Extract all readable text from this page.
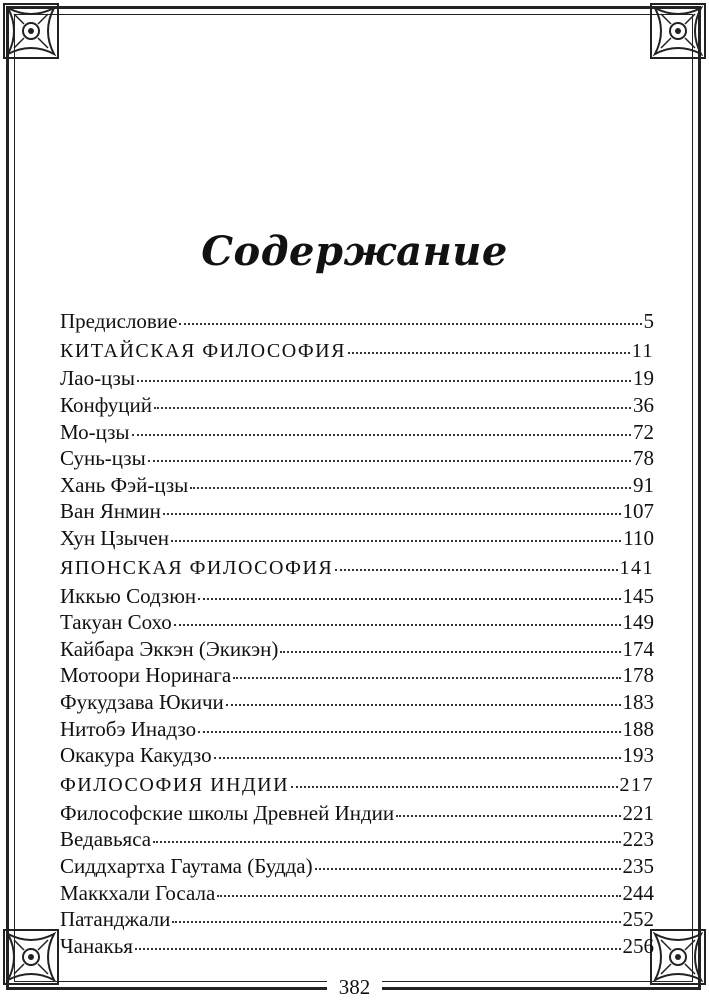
Содержание
Предисловие	5
КИТАЙСКАЯ ФИЛОСОФИЯ	11
Лао-цзы	19
Конфуций	36
Мо-цзы	72
Сунь-цзы	78
Хань Фэй-цзы	91
Ван Янмин	107
Хун Цзычен	110
ЯПОНСКАЯ ФИЛОСОФИЯ	141
Иккью Содзюн	145
Такуан Сохо	149
Кайбара Эккэн (Экикэн)	174
Мотоори Норинага	178
Фукудзава Юкичи	183
Нитобэ Инадзо	188
Окакура Какудзо	193
ФИЛОСОФИЯ ИНДИИ	217
Философские школы Древней Индии	221
Ведавьяса	223
Сиддхартха Гаутама (Будда)	235
Маккхали Госала	244
Патанджали	252
Чанакья	256
382
